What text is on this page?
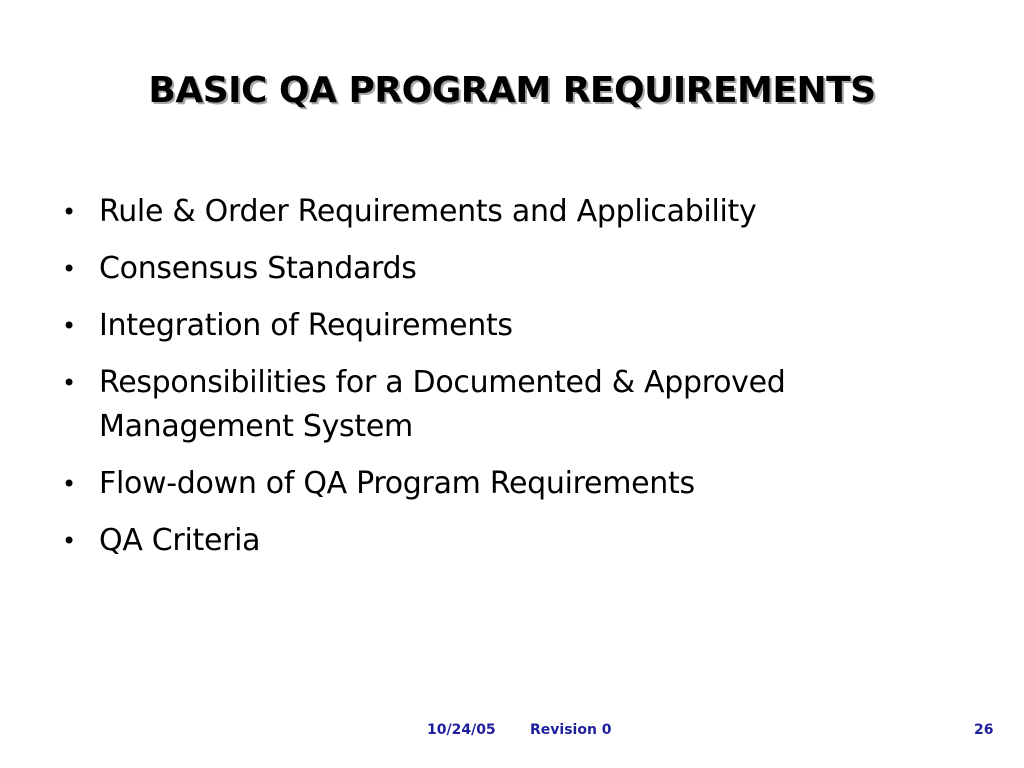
BASIC QA PROGRAM REQUIREMENTS
• Rule & Order Requirements and Applicability
• Consensus Standards
• Integration of Requirements
• Responsibilities for a Documented & Approved Management System
• Flow-down of QA Program Requirements
• QA Criteria
10/24/05 Revision 0	26
